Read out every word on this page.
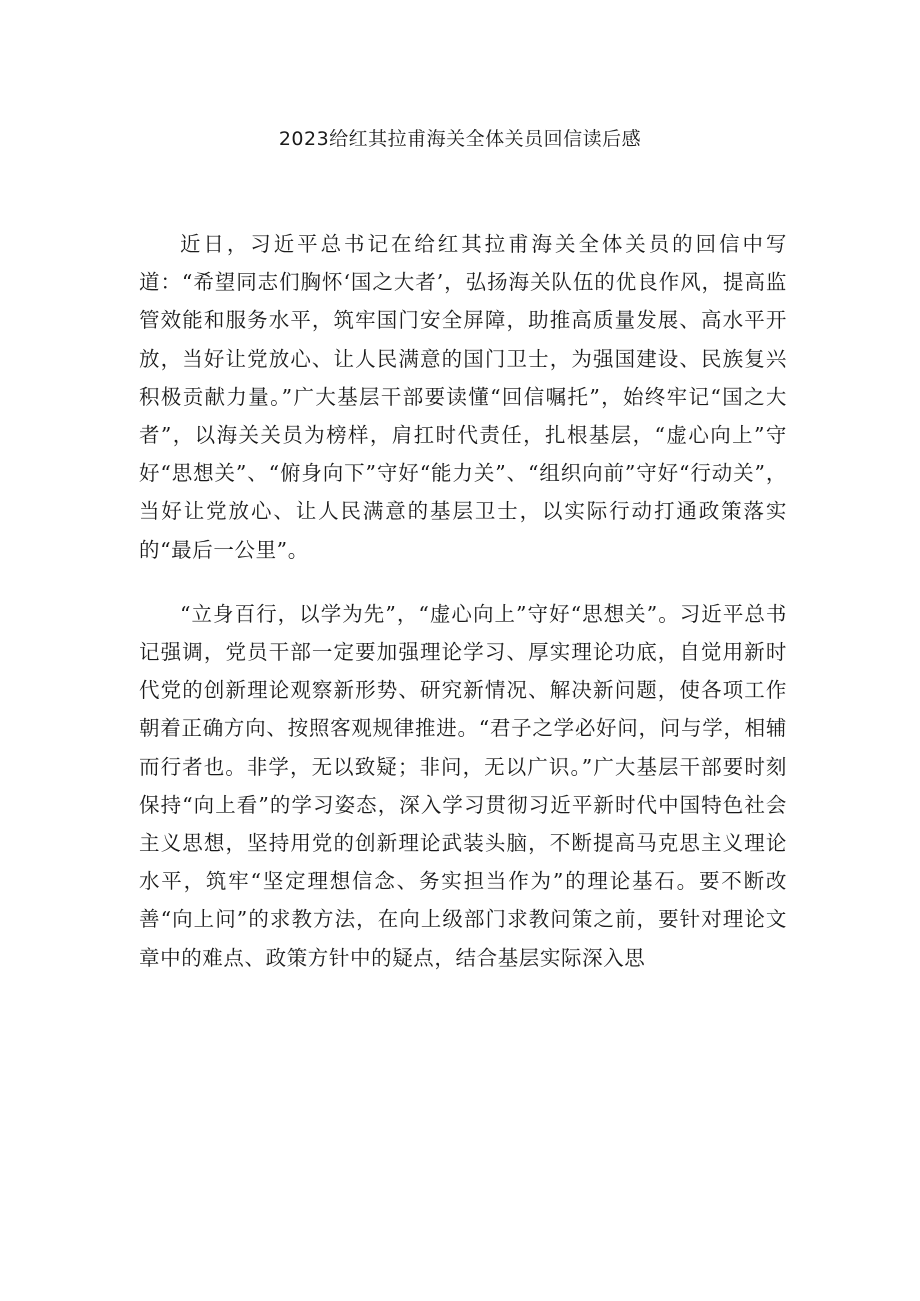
2023给红其拉甫海关全体关员回信读后感

近日，习近平总书记在给红其拉甫海关全体关员的回信中写道：“希望同志们胸怀‘国之大者’，弘扬海关队伍的优良作风，提高监管效能和服务水平，筑牢国门安全屏障，助推高质量发展、高水平开放，当好让党放心、让人民满意的国门卫士，为强国建设、民族复兴积极贡献力量。”广大基层干部要读懂“回信嘱托”，始终牢记“国之大者”，以海关关员为榜样，肩扛时代责任，扎根基层，“虚心向上”守好“思想关”、“俯身向下”守好“能力关”、“组织向前”守好“行动关”，当好让党放心、让人民满意的基层卫士，以实际行动打通政策落实的“最后一公里”。

“立身百行，以学为先”，“虚心向上”守好“思想关”。习近平总书记强调，党员干部一定要加强理论学习、厚实理论功底，自觉用新时代党的创新理论观察新形势、研究新情况、解决新问题，使各项工作朝着正确方向、按照客观规律推进。“君子之学必好问，问与学，相辅而行者也。非学，无以致疑；非问，无以广识。”广大基层干部要时刻保持“向上看”的学习姿态，深入学习贯彻习近平新时代中国特色社会主义思想，坚持用党的创新理论武装头脑，不断提高马克思主义理论水平，筑牢“坚定理想信念、务实担当作为”的理论基石。要不断改善“向上问”的求教方法，在向上级部门求教问策之前，要针对理论文章中的难点、政策方针中的疑点，结合基层实际深入思
